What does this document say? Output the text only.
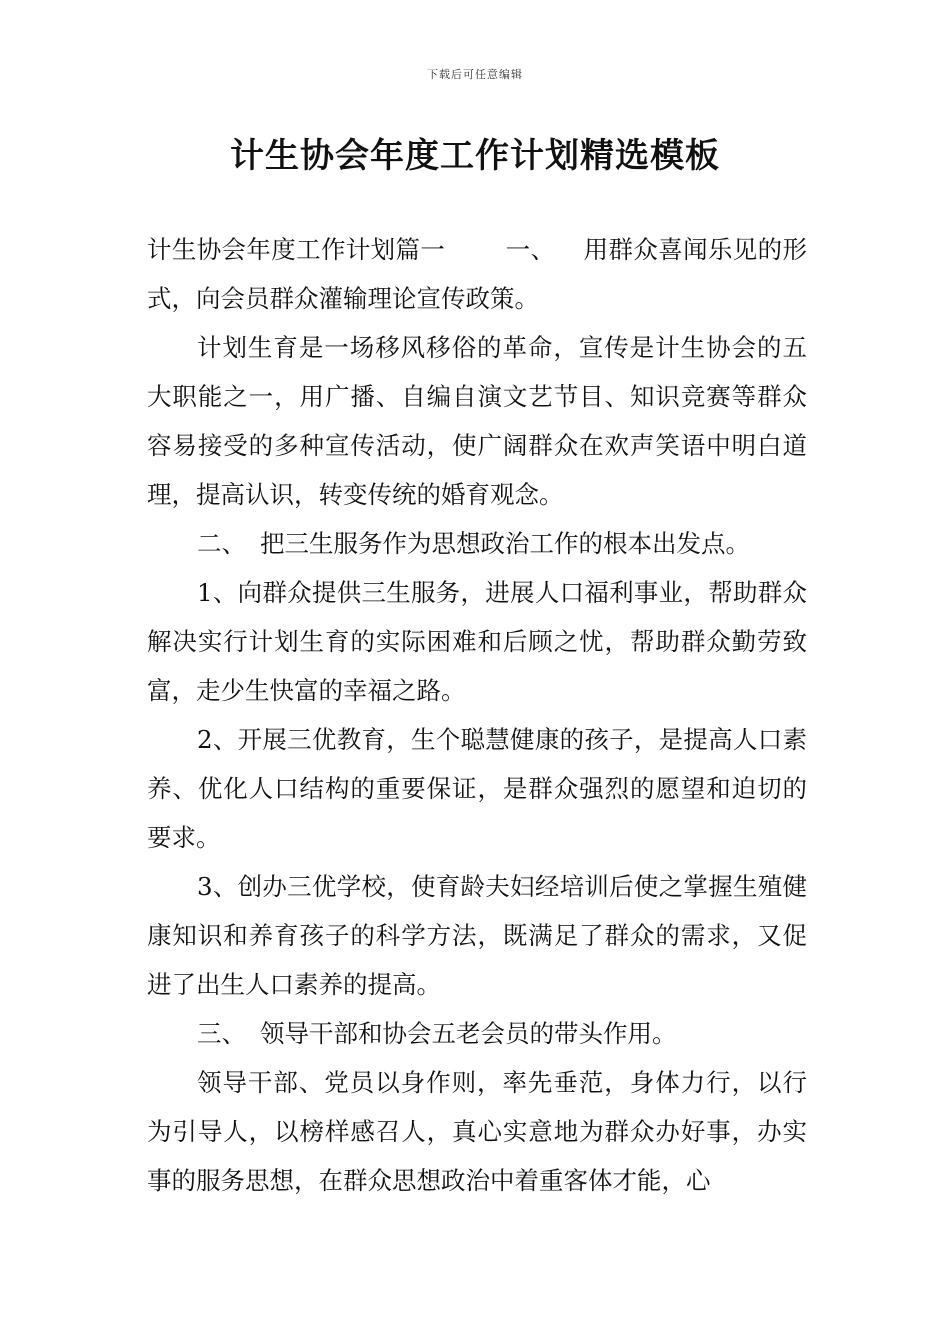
下载后可任意编辑
计生协会年度工作计划精选模板

计生协会年度工作计划篇一 一、 用群众喜闻乐见的形式，向会员群众灌输理论宣传政策。

计划生育是一场移风移俗的革命，宣传是计生协会的五大职能之一，用广播、自编自演文艺节目、知识竞赛等群众容易接受的多种宣传活动，使广阔群众在欢声笑语中明白道理，提高认识，转变传统的婚育观念。

二、 把三生服务作为思想政治工作的根本出发点。

1、向群众提供三生服务，进展人口福利事业，帮助群众解决实行计划生育的实际困难和后顾之忧，帮助群众勤劳致富，走少生快富的幸福之路。

2、开展三优教育，生个聪慧健康的孩子，是提高人口素养、优化人口结构的重要保证，是群众强烈的愿望和迫切的要求。

3、创办三优学校，使育龄夫妇经培训后使之掌握生殖健康知识和养育孩子的科学方法，既满足了群众的需求，又促进了出生人口素养的提高。

三、 领导干部和协会五老会员的带头作用。

领导干部、党员以身作则，率先垂范，身体力行，以行为引导人，以榜样感召人，真心实意地为群众办好事，办实事的服务思想，在群众思想政治中着重客体才能，心
